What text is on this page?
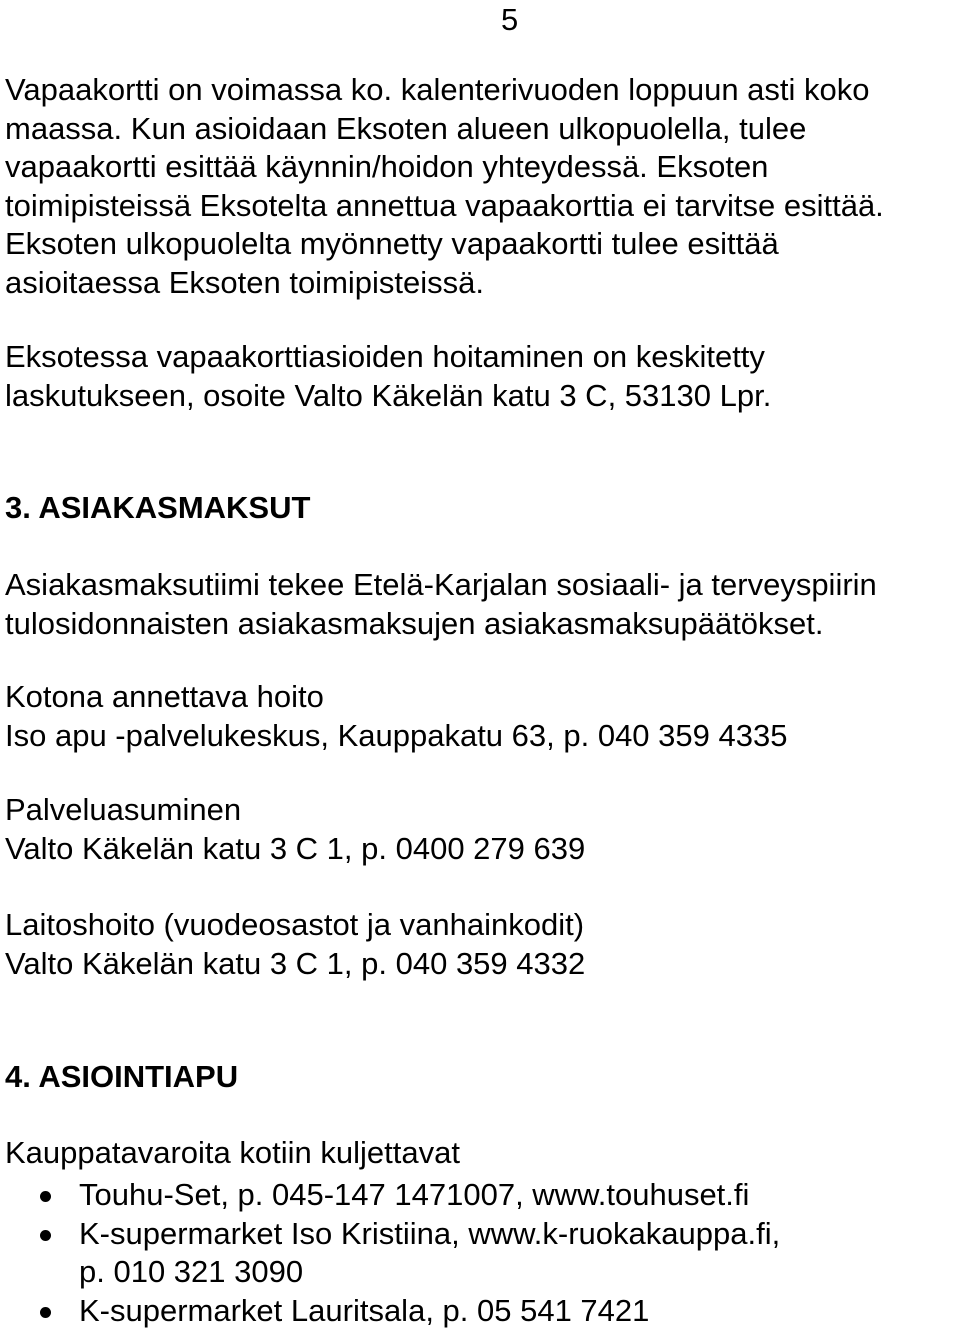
5
Vapaakortti on voimassa ko. kalenterivuoden loppuun asti koko
maassa. Kun asioidaan Eksoten alueen ulkopuolella, tulee
vapaakortti esittää käynnin/hoidon yhteydessä. Eksoten
toimipisteissä Eksotelta annettua vapaakorttia ei tarvitse esittää.
Eksoten ulkopuolelta myönnetty vapaakortti tulee esittää
asioitaessa Eksoten toimipisteissä.
Eksotessa vapaakorttiasioiden hoitaminen on keskitetty
laskutukseen, osoite Valto Käkelän katu 3 C, 53130 Lpr.
3. ASIAKASMAKSUT
Asiakasmaksutiimi tekee Etelä-Karjalan sosiaali- ja terveyspiirin
tulosidonnaisten asiakasmaksujen asiakasmaksupäätökset.
Kotona annettava hoito
Iso apu -palvelukeskus, Kauppakatu 63, p. 040 359 4335
Palveluasuminen
Valto Käkelän katu 3 C 1, p. 0400 279 639
Laitoshoito (vuodeosastot ja vanhainkodit)
Valto Käkelän katu 3 C 1, p. 040 359 4332
4. ASIOINTIAPU
Kauppatavaroita kotiin kuljettavat
Touhu-Set, p. 045-147 1471007, www.touhuset.fi
K-supermarket Iso Kristiina, www.k-ruokakauppa.fi,
p. 010 321 3090
K-supermarket Lauritsala, p. 05 541 7421
